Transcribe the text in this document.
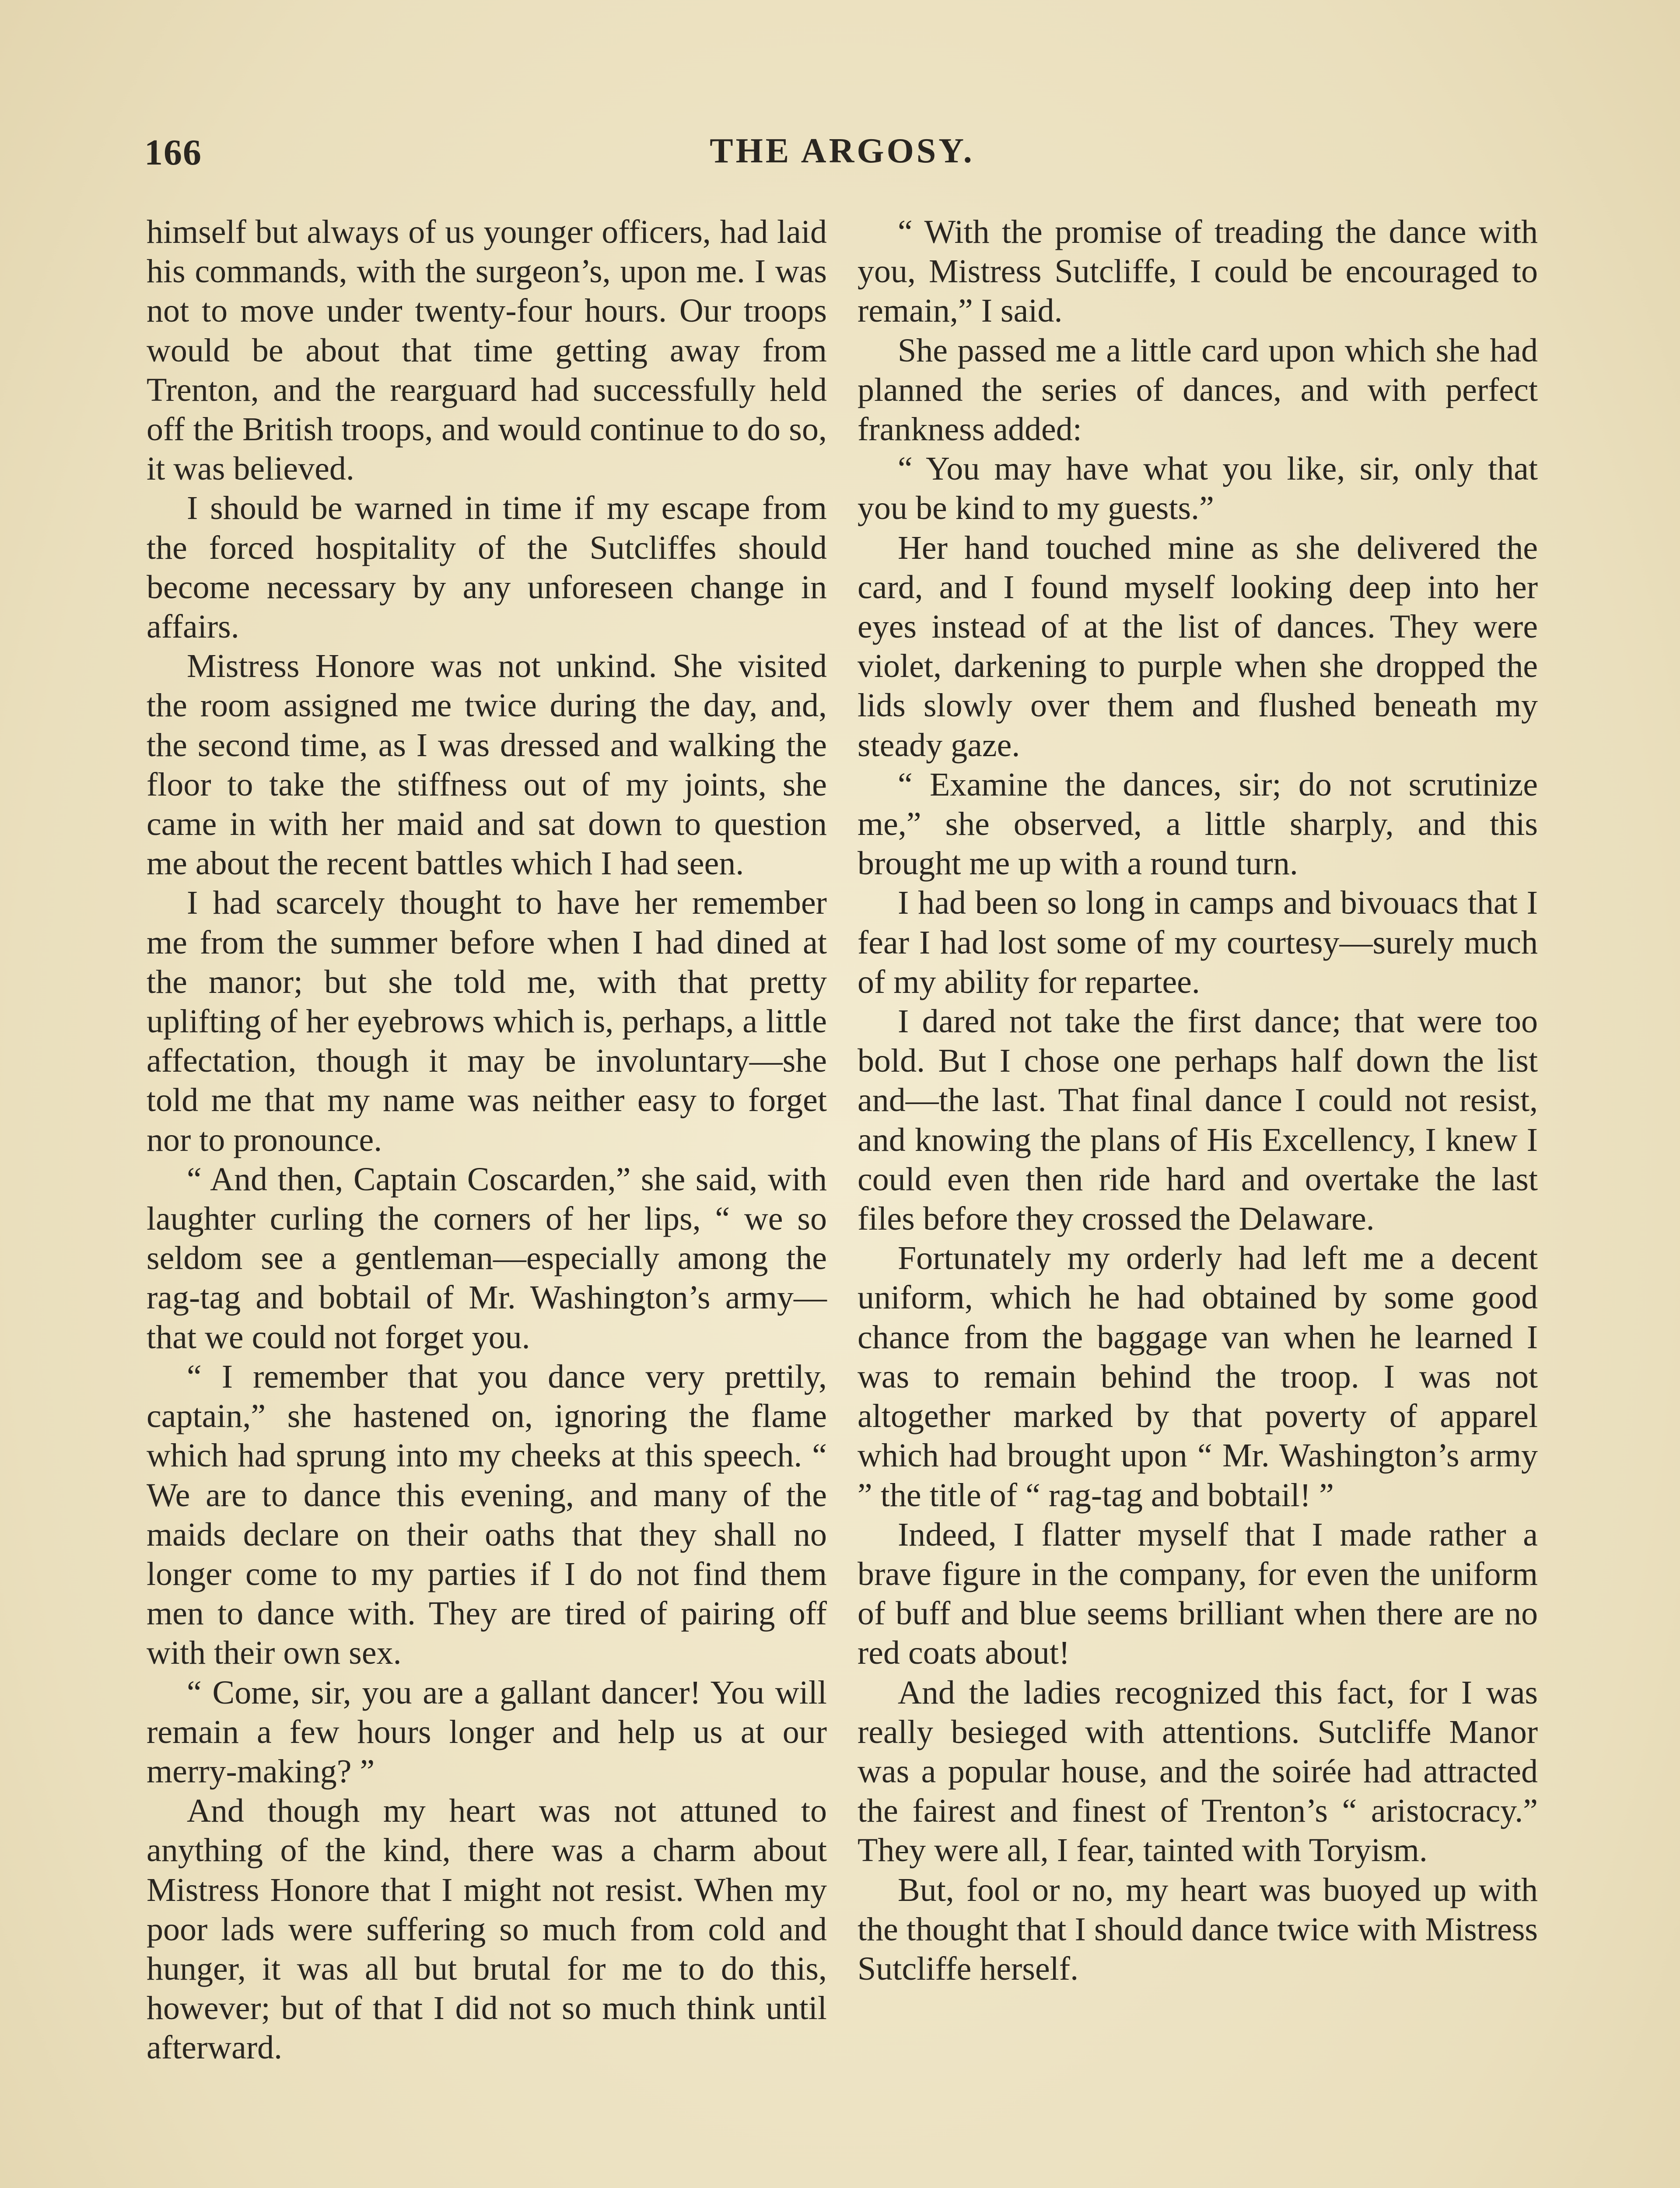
166	THE ARGOSY.

himself but always of us younger officers, had laid his commands, with the surgeon’s, upon me. I was not to move under twenty-four hours. Our troops would be about that time getting away from Trenton, and the rearguard had successfully held off the British troops, and would continue to do so, it was believed.

I should be warned in time if my escape from the forced hospitality of the Sutcliffes should become necessary by any unforeseen change in affairs.

Mistress Honore was not unkind. She visited the room assigned me twice during the day, and, the second time, as I was dressed and walking the floor to take the stiffness out of my joints, she came in with her maid and sat down to question me about the recent battles which I had seen.

I had scarcely thought to have her remember me from the summer before when I had dined at the manor; but she told me, with that pretty uplifting of her eyebrows which is, perhaps, a little affectation, though it may be involuntary—she told me that my name was neither easy to forget nor to pronounce.

“ And then, Captain Coscarden,” she said, with laughter curling the corners of her lips, “ we so seldom see a gentleman—especially among the rag-tag and bobtail of Mr. Washington’s army—that we could not forget you.

“ I remember that you dance very prettily, captain,” she hastened on, ignoring the flame which had sprung into my cheeks at this speech. “ We are to dance this evening, and many of the maids declare on their oaths that they shall no longer come to my parties if I do not find them men to dance with. They are tired of pairing off with their own sex.

“ Come, sir, you are a gallant dancer! You will remain a few hours longer and help us at our merry-making? ”

And though my heart was not attuned to anything of the kind, there was a charm about Mistress Honore that I might not resist. When my poor lads were suffering so much from cold and hunger, it was all but brutal for me to do this, however; but of that I did not so much think until afterward.

“ With the promise of treading the dance with you, Mistress Sutcliffe, I could be encouraged to remain,” I said.

She passed me a little card upon which she had planned the series of dances, and with perfect frankness added:

“ You may have what you like, sir, only that you be kind to my guests.”

Her hand touched mine as she delivered the card, and I found myself looking deep into her eyes instead of at the list of dances. They were violet, darkening to purple when she dropped the lids slowly over them and flushed beneath my steady gaze.

“ Examine the dances, sir; do not scrutinize me,” she observed, a little sharply, and this brought me up with a round turn.

I had been so long in camps and bivouacs that I fear I had lost some of my courtesy—surely much of my ability for repartee.

I dared not take the first dance; that were too bold. But I chose one perhaps half down the list and—the last. That final dance I could not resist, and knowing the plans of His Excellency, I knew I could even then ride hard and overtake the last files before they crossed the Delaware.

Fortunately my orderly had left me a decent uniform, which he had obtained by some good chance from the baggage van when he learned I was to remain behind the troop. I was not altogether marked by that poverty of apparel which had brought upon “ Mr. Washington’s army ” the title of “ rag-tag and bobtail! ”

Indeed, I flatter myself that I made rather a brave figure in the company, for even the uniform of buff and blue seems brilliant when there are no red coats about!

And the ladies recognized this fact, for I was really besieged with attentions. Sutcliffe Manor was a popular house, and the soirée had attracted the fairest and finest of Trenton’s “ aristocracy.” They were all, I fear, tainted with Toryism.

But, fool or no, my heart was buoyed up with the thought that I should dance twice with Mistress Sutcliffe herself.
